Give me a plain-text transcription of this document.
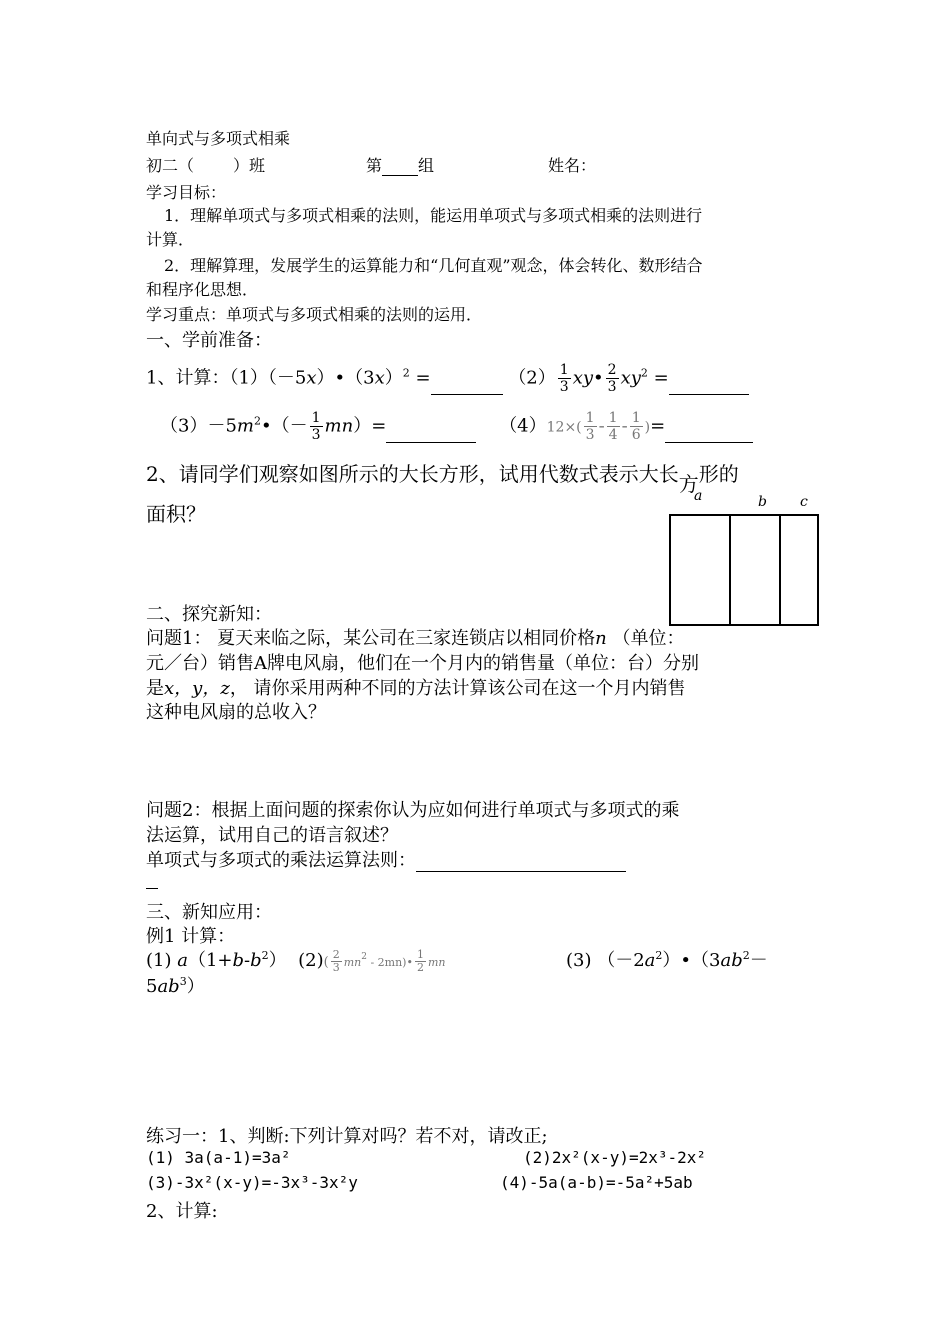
单向式与多项式相乘
初二（ ）班	第 组	姓名：
学习目标：
1．理解单项式与多项式相乘的法则，能运用单项式与多项式相乘的法则进行
计算．
2．理解算理，发展学生的运算能力和“几何直观”观念，体会转化、数形结合
和程序化思想．
学习重点：单项式与多项式相乘的法则的运用．
一、学前准备：
1、计算：$(1)(-5x)•(3x)^2$ =	$(2) \frac{1}{3}$ xy• $\frac{2}{3} xy^2$ =
$(3)-5m^2•(- \frac{1}{3} mn)=$	$(4)12\times( \frac{1}{3} - \frac{1}{4} - \frac{1}{6}$ )=
2、请同学们观察如图所示的大长方形，试用代数式表示大长方形的
面积？
a	b c
二、探究新知：
问题1： 夏天来临之际，某公司在三家连锁店以相同价格n （单位：
元／台）销售A牌电风扇，他们在一个月内的销售量（单位：台）分别
是x，y，z， 请你采用两种不同的方法计算该公司在这一个月内销售
这种电风扇的总收入？
问题2：根据上面问题的探索你认为应如何进行单项式与多项式的乘
法运算，试用自己的语言叙述？
单项式与多项式的乘法运算法则：
三、新知应用：
例1 计算：
(1) $a(1+b-b^2)$ $(2)( \frac{2}{3} mn^2$ - 2mn)• $\frac{1}{2}$ mn	(3) $(-2a^2)•(3ab^2-$
$5ab^3$）
练习一：1、判断:下列计算对吗？若不对，请改正;
(1) 3a(a-1)=3a²	(2)2x²(x-y)=2x³-2x²
(3)-3x²(x-y)=-3x³-3x²y	(4)-5a(a-b)=-5a²+5ab
2、计算:
